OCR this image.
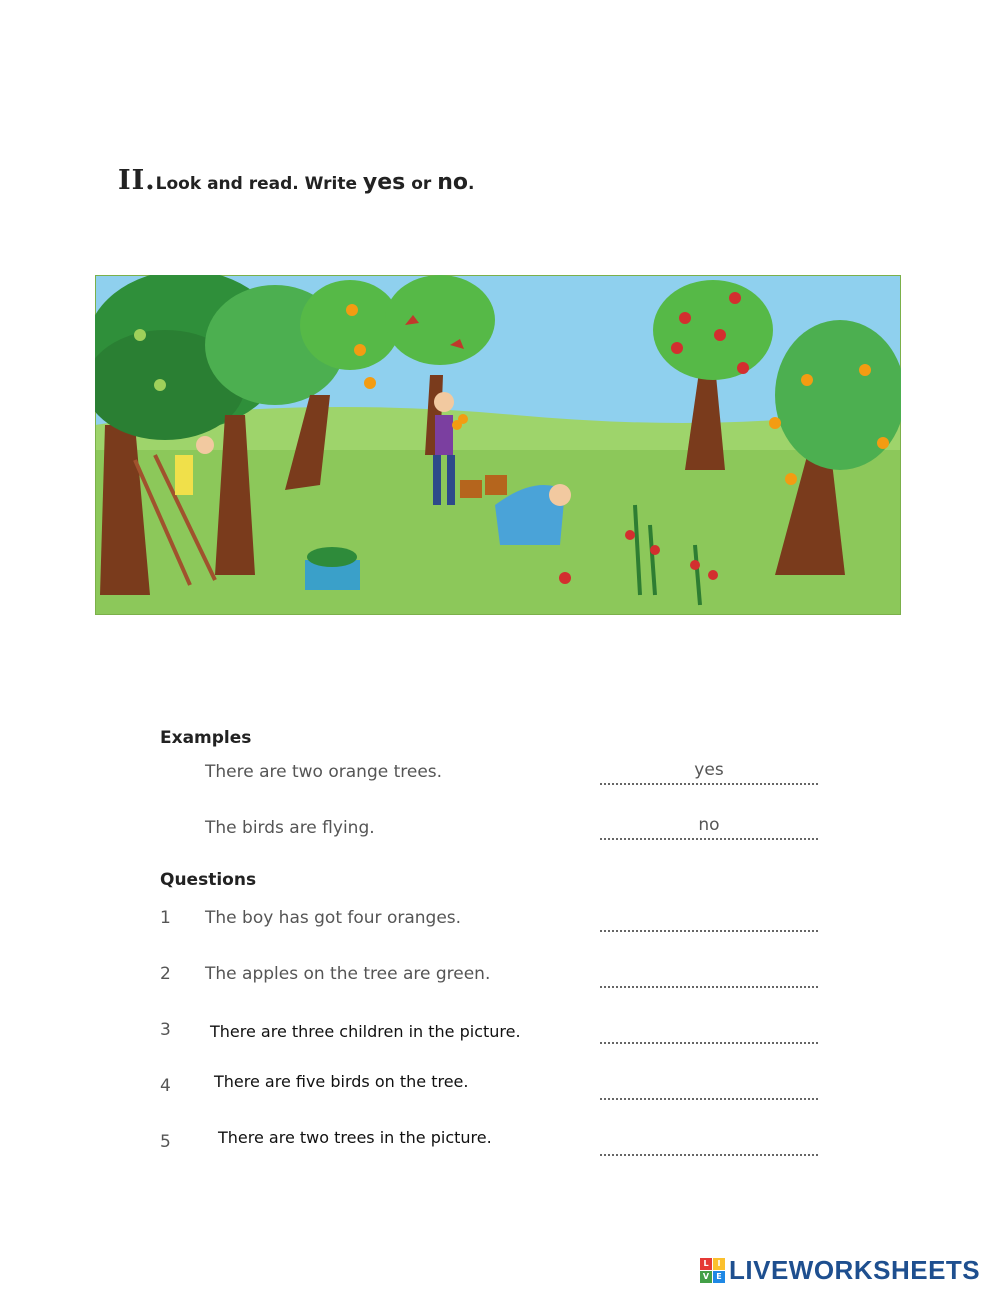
II.Look and read. Write yes or no.
Examples
There are two orange trees.	yes
The birds are flying.	no
Questions
1 The boy has got four oranges.
2 The apples on the tree are green.
3 There are three children in the picture.
4	There are five birds on the tree.
5	There are two trees in the picture.
L	I
V E LIVEWORKSHEETS
